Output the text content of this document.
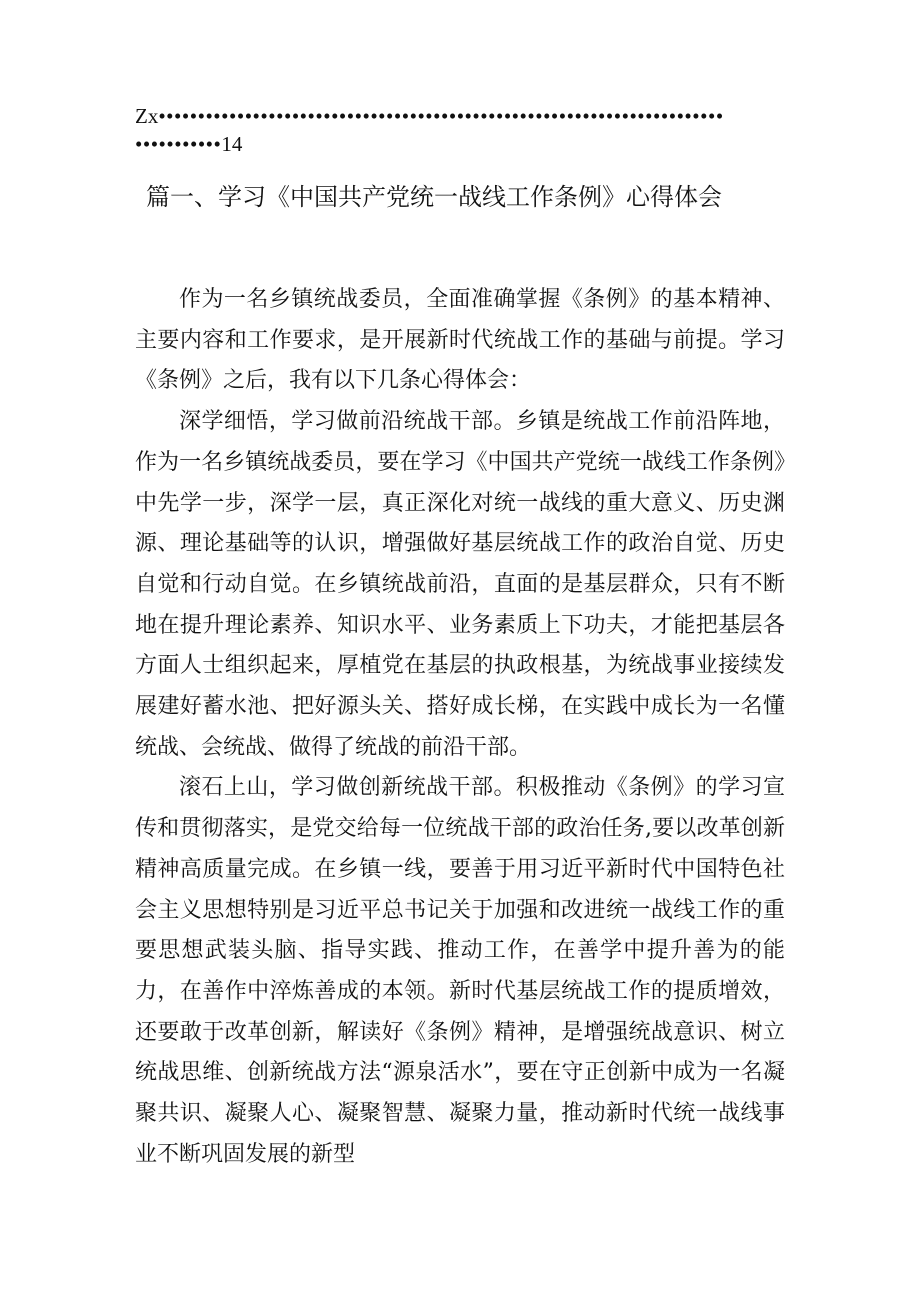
Zx••••••••••••••••••••••••••••••••••••••••••••••••••••••••••••••••••••••••
•••••••••••14
篇一、学习《中国共产党统一战线工作条例》心得体会

作为一名乡镇统战委员，全面准确掌握《条例》的基本精神、主要内容和工作要求，是开展新时代统战工作的基础与前提。学习《条例》之后，我有以下几条心得体会：

深学细悟，学习做前沿统战干部。乡镇是统战工作前沿阵地，作为一名乡镇统战委员，要在学习《中国共产党统一战线工作条例》中先学一步，深学一层，真正深化对统一战线的重大意义、历史渊源、理论基础等的认识，增强做好基层统战工作的政治自觉、历史自觉和行动自觉。在乡镇统战前沿，直面的是基层群众，只有不断地在提升理论素养、知识水平、业务素质上下功夫，才能把基层各方面人士组织起来，厚植党在基层的执政根基，为统战事业接续发展建好蓄水池、把好源头关、搭好成长梯，在实践中成长为一名懂统战、会统战、做得了统战的前沿干部。

滚石上山，学习做创新统战干部。积极推动《条例》的学习宣传和贯彻落实，是党交给每一位统战干部的政治任务,要以改革创新精神高质量完成。在乡镇一线，要善于用习近平新时代中国特色社会主义思想特别是习近平总书记关于加强和改进统一战线工作的重要思想武装头脑、指导实践、推动工作，在善学中提升善为的能力，在善作中淬炼善成的本领。新时代基层统战工作的提质增效，还要敢于改革创新，解读好《条例》精神，是增强统战意识、树立统战思维、创新统战方法“源泉活水”，要在守正创新中成为一名凝聚共识、凝聚人心、凝聚智慧、凝聚力量，推动新时代统一战线事业不断巩固发展的新型
